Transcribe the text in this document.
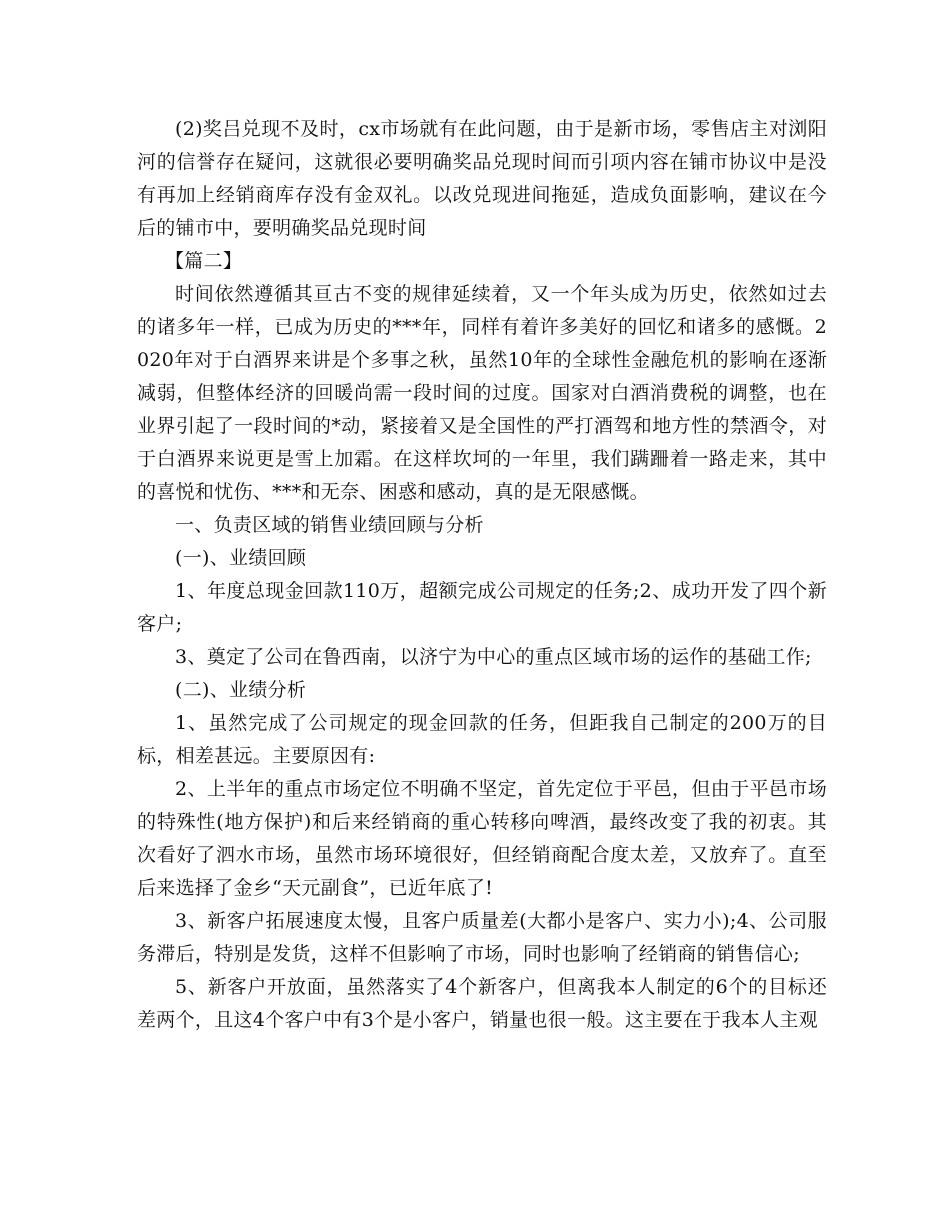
(2)奖吕兑现不及时，cx市场就有在此问题，由于是新市场，零售店主对浏阳河的信誉存在疑问，这就很必要明确奖品兑现时间而引项内容在铺市协议中是没有再加上经销商库存没有金双礼。以改兑现进间拖延，造成负面影响，建议在今后的铺市中，要明确奖品兑现时间

【篇二】

时间依然遵循其亘古不变的规律延续着，又一个年头成为历史，依然如过去的诸多年一样，已成为历史的***年，同样有着许多美好的回忆和诸多的感慨。2020年对于白酒界来讲是个多事之秋，虽然10年的全球性金融危机的影响在逐渐减弱，但整体经济的回暖尚需一段时间的过度。国家对白酒消费税的调整，也在业界引起了一段时间的*动，紧接着又是全国性的严打酒驾和地方性的禁酒令，对于白酒界来说更是雪上加霜。在这样坎坷的一年里，我们蹒跚着一路走来，其中的喜悦和忧伤、***和无奈、困惑和感动，真的是无限感慨。

一、负责区域的销售业绩回顾与分析

(一)、业绩回顾

1、年度总现金回款110万，超额完成公司规定的任务;2、成功开发了四个新客户;

3、奠定了公司在鲁西南，以济宁为中心的重点区域市场的运作的基础工作;

(二)、业绩分析

1、虽然完成了公司规定的现金回款的任务，但距我自己制定的200万的目标，相差甚远。主要原因有:

2、上半年的重点市场定位不明确不坚定，首先定位于平邑，但由于平邑市场的特殊性(地方保护)和后来经销商的重心转移向啤酒，最终改变了我的初衷。其次看好了泗水市场，虽然市场环境很好，但经销商配合度太差，又放弃了。直至后来选择了金乡“天元副食”，已近年底了!

3、新客户拓展速度太慢，且客户质量差(大都小是客户、实力小);4、公司服务滞后，特别是发货，这样不但影响了市场，同时也影响了经销商的销售信心;

5、新客户开放面，虽然落实了4个新客户，但离我本人制定的6个的目标还差两个，且这4个客户中有3个是小客户，销量也很一般。这主要在于我本人主观
